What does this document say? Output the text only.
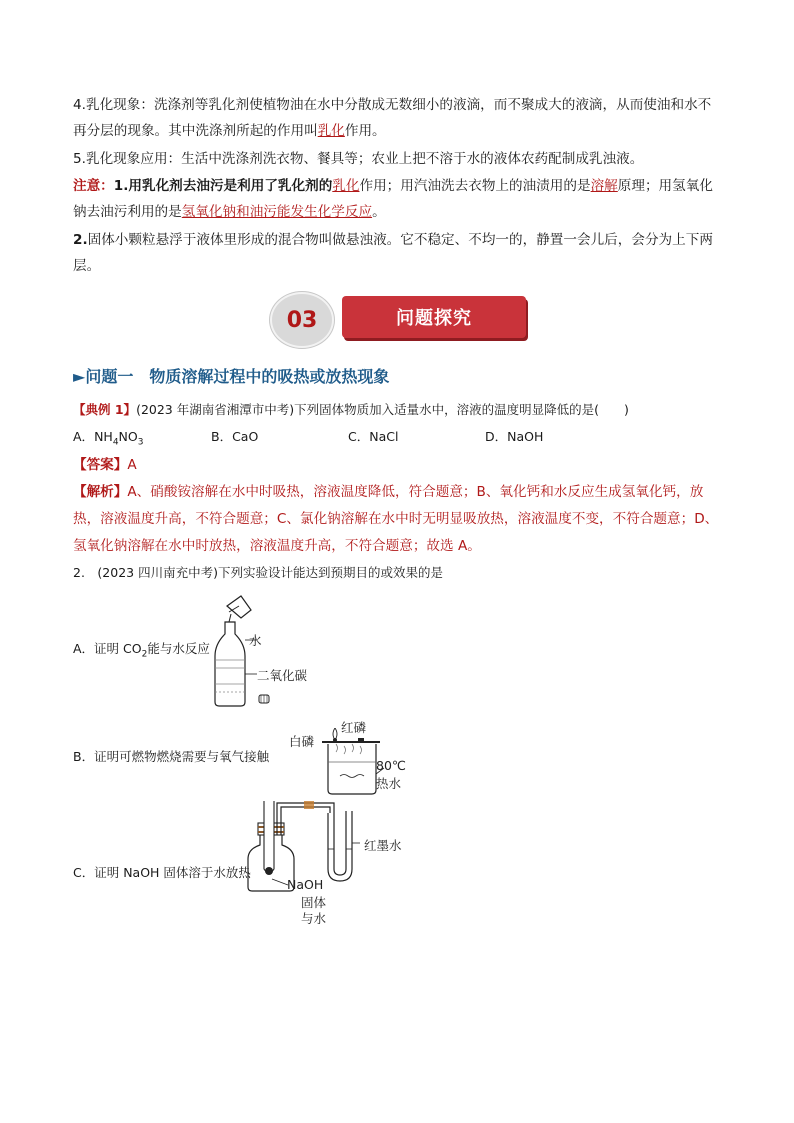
4.乳化现象：洗涤剂等乳化剂使植物油在水中分散成无数细小的液滴，而不聚成大的液滴，从而使油和水不再分层的现象。其中洗涤剂所起的作用叫乳化作用。
5.乳化现象应用：生活中洗涤剂洗衣物、餐具等；农业上把不溶于水的液体农药配制成乳浊液。
注意：1.用乳化剂去油污是利用了乳化剂的乳化作用；用汽油洗去衣物上的油渍用的是溶解原理；用氢氧化钠去油污利用的是氢氧化钠和油污能发生化学反应。
2.固体小颗粒悬浮于液体里形成的混合物叫做悬浊液。它不稳定、不均一的，静置一会儿后，会分为上下两层。
03	问题探究
►问题一　物质溶解过程中的吸热或放热现象
【典例 1】(2023 年湖南省湘潭市中考)下列固体物质加入适量水中，溶液的温度明显降低的是(　　)
A．$NH_4NO_3$	B．CaO	C．NaCl	D．NaOH
【答案】A
【解析】A、硝酸铵溶解在水中时吸热，溶液温度降低，符合题意；B、氧化钙和水反应生成氢氧化钙，放热，溶液温度升高，不符合题意；C、氯化钠溶解在水中时无明显吸放热，溶液温度不变，不符合题意；D、氢氧化钠溶解在水中时放热，溶液温度升高，不符合题意；故选 A。
2.　(2023 四川南充中考)下列实验设计能达到预期目的或效果的是
A．证明 $CO_2$能与水反应
水
二氧化碳
B．证明可燃物燃烧需要与氧气接触
白磷
红磷
80℃
热水
C．证明 NaOH 固体溶于水放热
红墨水
NaOH
固体
与水
